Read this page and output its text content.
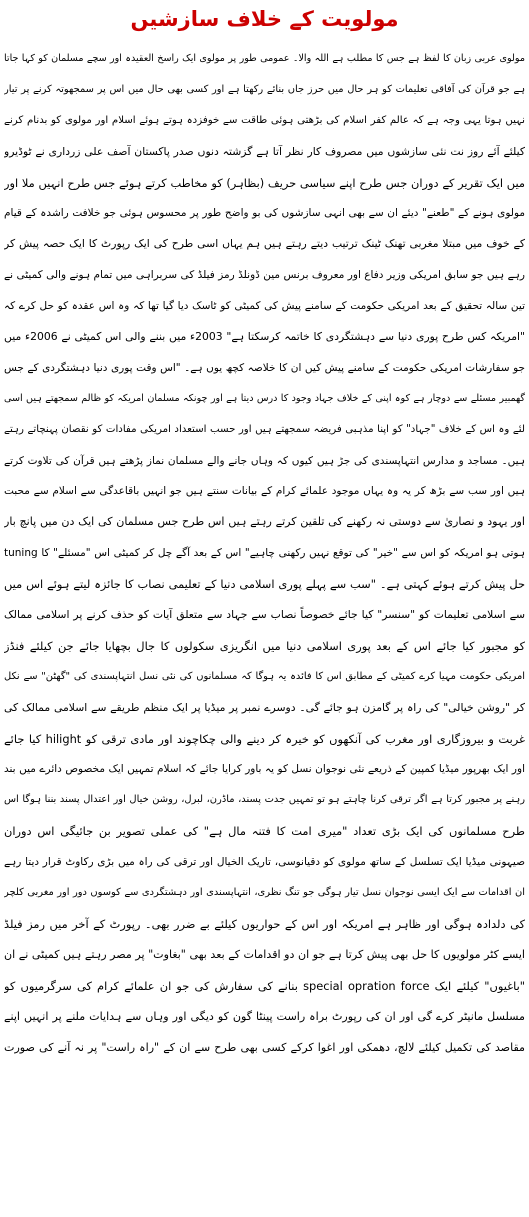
مولویت کے خلاف سازشیں
مولوی عربی زبان کا لفظ ہے جس کا مطلب ہے اللہ والا۔ عمومی طور پر مولوی ایک راسخ العقیدہ اور سچے مسلمان کو کہا جاتا
ہے جو قرآن کی آفاقی تعلیمات کو ہر حال میں حرز جاں بنائے رکھتا ہے اور کسی بھی حال میں اس پر سمجھوتہ کرنے پر تیار
نہیں ہوتا یہی وجہ ہے کہ عالم کفر اسلام کی بڑھتی ہوئی طاقت سے خوفزدہ ہوتے ہوئے اسلام اور مولوی کو بدنام کرنے
کیلئے آئے روز نت نئی سازشوں میں مصروف کار نظر آتا ہے گزشتہ دنوں صدر پاکستان آصف علی زرداری نے ٹوڈیرو
میں ایک تقریر کے دوران جس طرح اپنے سیاسی حریف (بظاہر) کو مخاطب کرتے ہوئے جس طرح انہیں ملا اور
مولوی ہونے کے "طعنے" دیئے ان سے بھی انہی سازشوں کی بو واضح طور پر محسوس ہوئی جو خلافت راشدہ کے قیام
کے خوف میں مبتلا مغربی تھنک ٹینک ترتیب دیتے رہتے ہیں ہم یہاں اسی طرح کی ایک رپورٹ کا ایک حصہ پیش کر
رہے ہیں جو سابق امریکی وزیر دفاع اور معروف برنس مین ڈونلڈ رمز فیلڈ کی سربراہی میں تمام ہونے والی کمیٹی نے
تین سالہ تحقیق کے بعد امریکی حکومت کے سامنے پیش کی کمیٹی کو ٹاسک دیا گیا تھا کہ وہ اس عقدہ کو حل کرے کہ
"امریکہ کس طرح پوری دنیا سے دہشتگردی کا خاتمہ کرسکتا ہے" 2003ء میں بننے والی اس کمیٹی نے 2006ء میں
جو سفارشات امریکی حکومت کے سامنے پیش کیں ان کا خلاصہ کچھ یوں ہے۔ "اس وقت پوری دنیا دہشتگردی کے جس
گھمبیر مسئلے سے دوچار ہے کوہ اپنی کے خلاف جہاد وجود کا درس دیتا ہے اور چونکہ مسلمان امریکہ کو ظالم سمجھتے ہیں اسی
لئے وہ اس کے خلاف "جہاد" کو اپنا مذہبی فریضہ سمجھتے ہیں اور حسب استعداد امریکی مفادات کو نقصان پہنچاتے رہتے
ہیں۔ مساجد و مدارس انتہاپسندی کی جڑ ہیں کیوں کہ وہاں جانے والے مسلمان نماز پڑھتے ہیں قرآن کی تلاوت کرتے
ہیں اور سب سے بڑھ کر یہ وہ یہاں موجود علمائے کرام کے بیانات سنتے ہیں جو انہیں باقاعدگی سے اسلام سے محبت
اور یہود و نصاریٰ سے دوستی نہ رکھنے کی تلقین کرتے رہتے ہیں اس طرح جس مسلمان کی ایک دن میں پانچ بار
tuning ہوتی ہو امریکہ کو اس سے "خیر" کی توقع نہیں رکھنی چاہیے" اس کے بعد آگے چل کر کمیٹی اس "مسئلے" کا
حل پیش کرتے ہوئے کہتی ہے۔ "سب سے پہلے پوری اسلامی دنیا کے تعلیمی نصاب کا جائزہ لیتے ہوئے اس میں
سے اسلامی تعلیمات کو "سنسر" کیا جائے خصوصاً نصاب سے جہاد سے متعلق آیات کو حذف کرنے پر اسلامی ممالک
کو مجبور کیا جائے اس کے بعد پوری اسلامی دنیا میں انگریزی سکولوں کا جال بچھایا جائے جن کیلئے فنڈز
امریکی حکومت مہیا کرے کمیٹی کے مطابق اس کا فائدہ یہ ہوگا کہ مسلمانوں کی نئی نسل انتہاپسندی کی "گھٹن" سے نکل
کر "روشن خیالی" کی راہ پر گامزن ہو جائے گی۔ دوسرے نمبر پر میڈیا پر ایک منظم طریقے سے اسلامی ممالک کی
غربت و بیروزگاری اور مغرب کی آنکھوں کو خیرہ کر دینے والی چکاچوند اور مادی ترقی کو hilight کیا جائے
اور ایک بھرپور میڈیا کمپین کے ذریعے نئی نوجوان نسل کو یہ باور کرایا جائے کہ اسلام تمہیں ایک مخصوص دائرے میں بند
رہنے پر مجبور کرتا ہے اگر ترقی کرنا چاہتے ہو تو تمہیں جدت پسند، ماڈرن، لبرل، روشن خیال اور اعتدال پسند بننا ہوگا اس
طرح مسلمانوں کی ایک بڑی تعداد "میری امت کا فتنہ مال ہے" کی عملی تصویر بن جائیگی اس دوران
صیہونی میڈیا ایک تسلسل کے ساتھ مولوی کو دقیانوسی، تاریک الخیال اور ترقی کی راہ میں بڑی رکاوٹ قرار دیتا رہے
ان اقدامات سے ایک ایسی نوجوان نسل تیار ہوگی جو تنگ نظری، انتہاپسندی اور دہشتگردی سے کوسوں دور اور مغربی کلچر
کی دلدادہ ہوگی اور ظاہر ہے امریکہ اور اس کے حواریوں کیلئے بے ضرر بھی۔ رپورٹ کے آخر میں رمز فیلڈ
ایسے کٹر مولویوں کا حل بھی پیش کرتا ہے جو ان دو اقدامات کے بعد بھی "بغاوت" پر مصر رہتے ہیں کمیٹی نے ان
"باغیوں" کیلئے ایک special opration force بنانے کی سفارش کی جو ان علمائے کرام کی سرگرمیوں کو
مسلسل مانیٹر کرے گی اور ان کی رپورٹ براہ راست پینٹا گون کو دیگی اور وہاں سے ہدایات ملنے پر انہیں اپنے
مقاصد کی تکمیل کیلئے لالچ، دھمکی اور اغوا کرکے کسی بھی طرح سے ان کے "راہ راست" پر نہ آنے کی صورت
